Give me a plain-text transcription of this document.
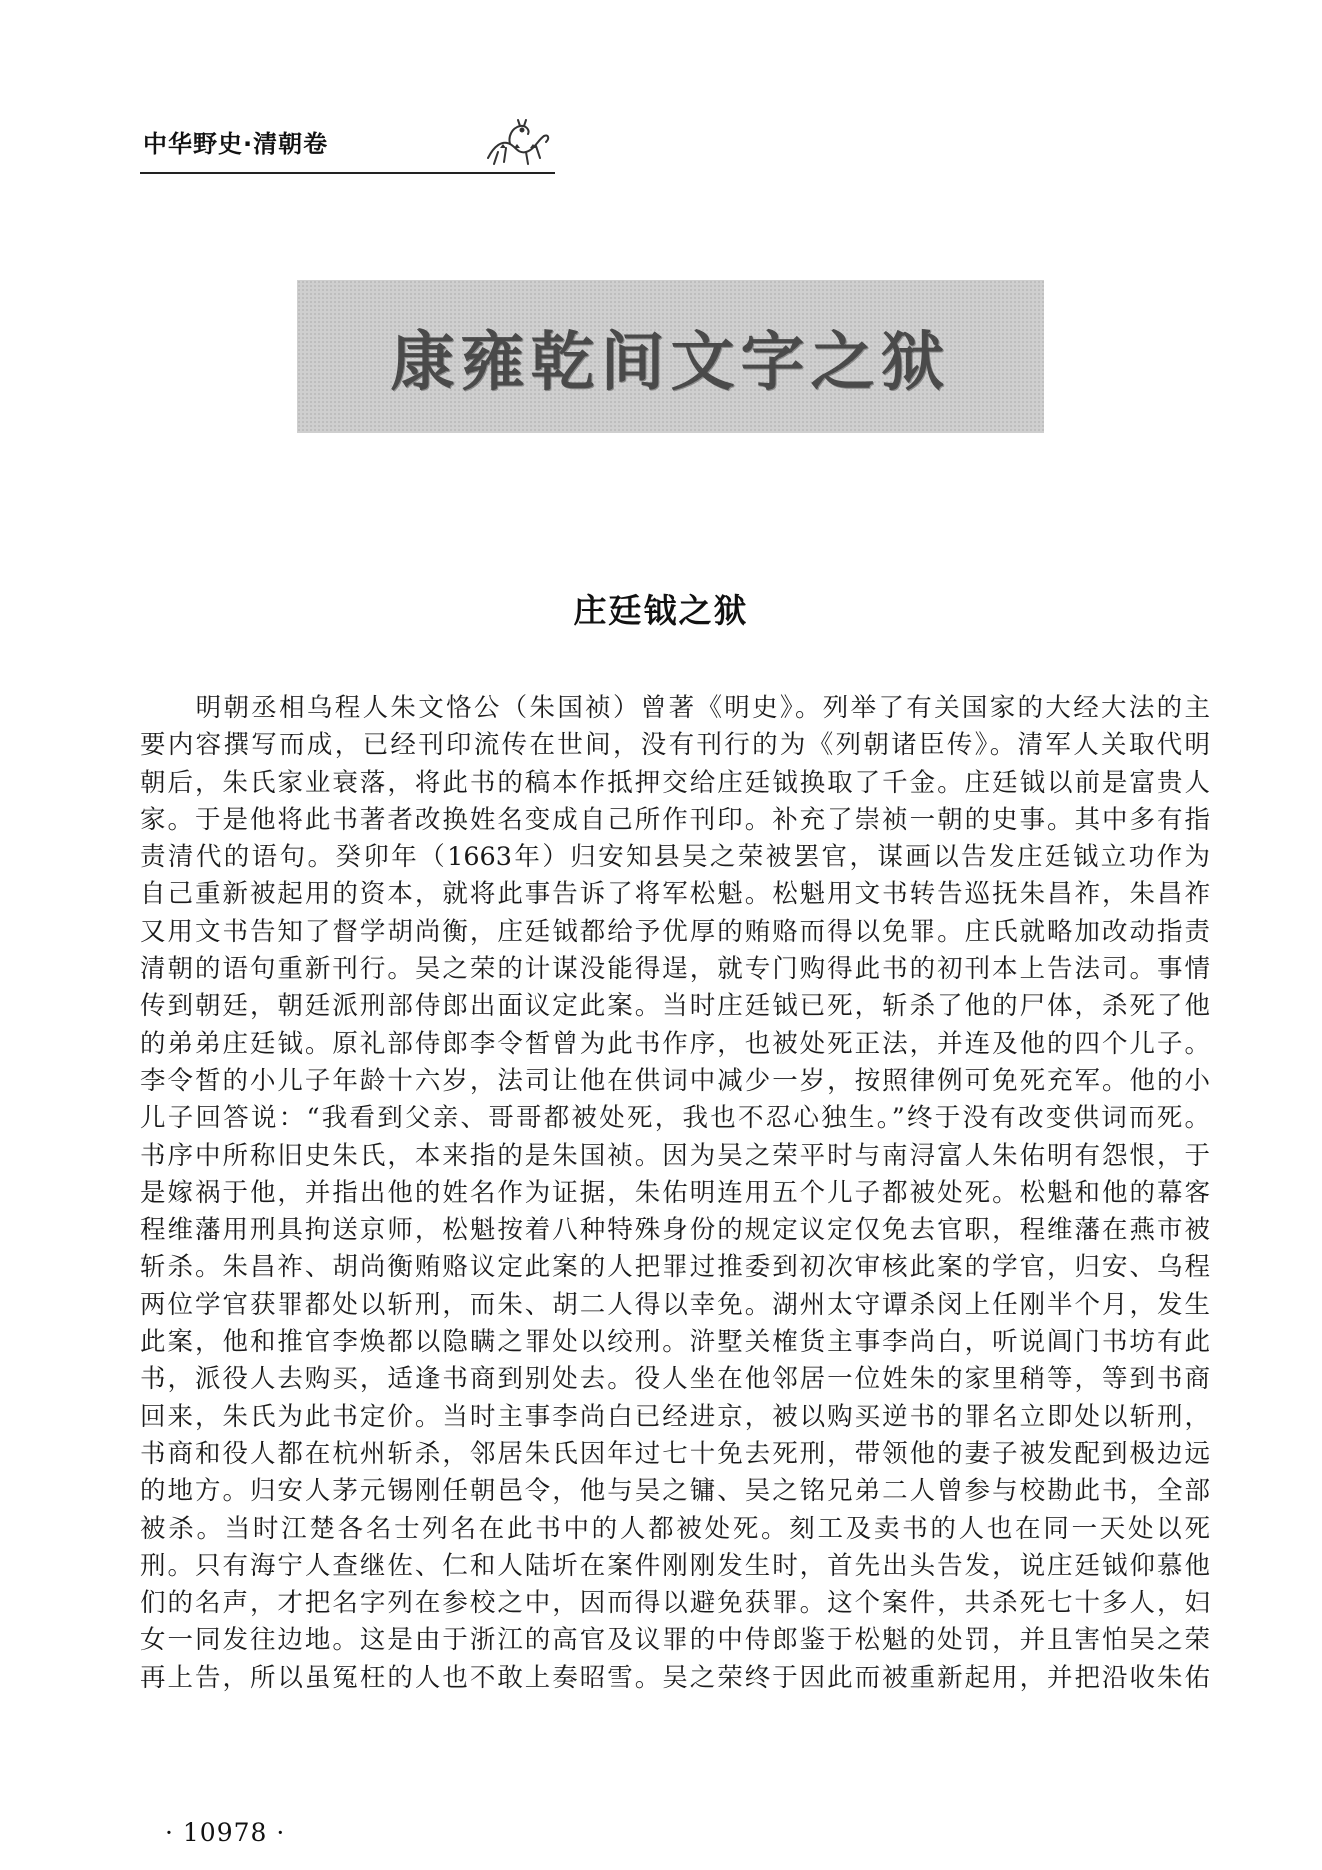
中华野史·清朝卷
康雍乾间文字之狱
庄廷钺之狱
　　明朝丞相乌程人朱文恪公（朱国祯）曾著《明史》。列举了有关国家的大经大法的主
要内容撰写而成，已经刊印流传在世间，没有刊行的为《列朝诸臣传》。清军人关取代明
朝后，朱氏家业衰落，将此书的稿本作抵押交给庄廷钺换取了千金。庄廷钺以前是富贵人
家。于是他将此书著者改换姓名变成自己所作刊印。补充了崇祯一朝的史事。其中多有指
责清代的语句。癸卯年（1663年）归安知县吴之荣被罢官，谋画以告发庄廷钺立功作为
自己重新被起用的资本，就将此事告诉了将军松魁。松魁用文书转告巡抚朱昌祚，朱昌祚
又用文书告知了督学胡尚衡，庄廷钺都给予优厚的贿赂而得以免罪。庄氏就略加改动指责
清朝的语句重新刊行。吴之荣的计谋没能得逞，就专门购得此书的初刊本上告法司。事情
传到朝廷，朝廷派刑部侍郎出面议定此案。当时庄廷钺已死，斩杀了他的尸体，杀死了他
的弟弟庄廷钺。原礼部侍郎李令皙曾为此书作序，也被处死正法，并连及他的四个儿子。
李令皙的小儿子年龄十六岁，法司让他在供词中减少一岁，按照律例可免死充军。他的小
儿子回答说：“我看到父亲、哥哥都被处死，我也不忍心独生。”终于没有改变供词而死。
书序中所称旧史朱氏，本来指的是朱国祯。因为吴之荣平时与南浔富人朱佑明有怨恨，于
是嫁祸于他，并指出他的姓名作为证据，朱佑明连用五个儿子都被处死。松魁和他的幕客
程维藩用刑具拘送京师，松魁按着八种特殊身份的规定议定仅免去官职，程维藩在燕市被
斩杀。朱昌祚、胡尚衡贿赂议定此案的人把罪过推委到初次审核此案的学官，归安、乌程
两位学官获罪都处以斩刑，而朱、胡二人得以幸免。湖州太守谭杀闵上任刚半个月，发生
此案，他和推官李焕都以隐瞒之罪处以绞刑。浒墅关榷货主事李尚白，听说阊门书坊有此
书，派役人去购买，适逢书商到别处去。役人坐在他邻居一位姓朱的家里稍等，等到书商
回来，朱氏为此书定价。当时主事李尚白已经进京，被以购买逆书的罪名立即处以斩刑，
书商和役人都在杭州斩杀，邻居朱氏因年过七十免去死刑，带领他的妻子被发配到极边远
的地方。归安人茅元锡刚任朝邑令，他与吴之镛、吴之铭兄弟二人曾参与校勘此书，全部
被杀。当时江楚各名士列名在此书中的人都被处死。刻工及卖书的人也在同一天处以死
刑。只有海宁人查继佐、仁和人陆圻在案件刚刚发生时，首先出头告发，说庄廷钺仰慕他
们的名声，才把名字列在参校之中，因而得以避免获罪。这个案件，共杀死七十多人，妇
女一同发往边地。这是由于浙江的高官及议罪的中侍郎鉴于松魁的处罚，并且害怕吴之荣
再上告，所以虽冤枉的人也不敢上奏昭雪。吴之荣终于因此而被重新起用，并把沿收朱佑
· 10978 ·
